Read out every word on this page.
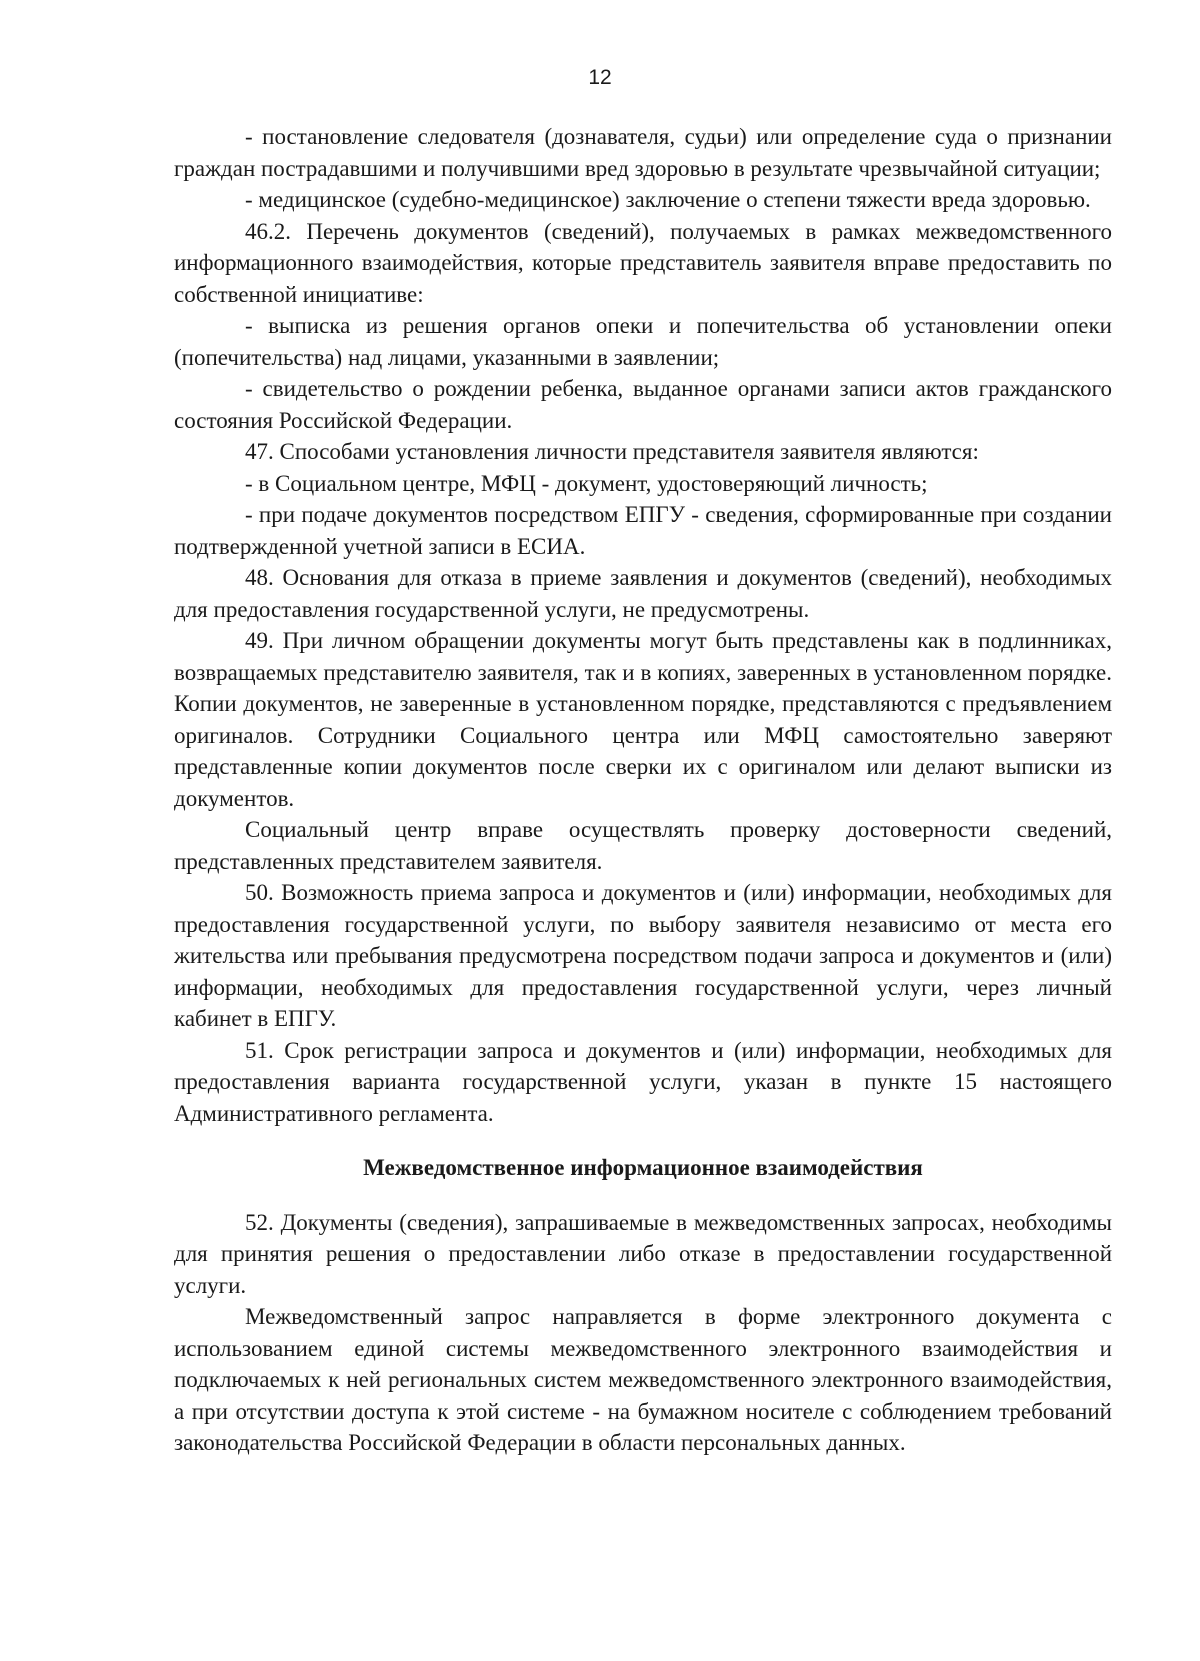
12

- постановление следователя (дознавателя, судьи) или определение суда о признании граждан пострадавшими и получившими вред здоровью в результате чрезвычайной ситуации;

- медицинское (судебно-медицинское) заключение о степени тяжести вреда здоровью.

46.2. Перечень документов (сведений), получаемых в рамках межведомственного информационного взаимодействия, которые представитель заявителя вправе предоставить по собственной инициативе:

- выписка из решения органов опеки и попечительства об установлении опеки (попечительства) над лицами, указанными в заявлении;

- свидетельство о рождении ребенка, выданное органами записи актов гражданского состояния Российской Федерации.

47. Способами установления личности представителя заявителя являются:

- в Социальном центре, МФЦ - документ, удостоверяющий личность;

- при подаче документов посредством ЕПГУ - сведения, сформированные при создании подтвержденной учетной записи в ЕСИА.

48. Основания для отказа в приеме заявления и документов (сведений), необходимых для предоставления государственной услуги, не предусмотрены.

49. При личном обращении документы могут быть представлены как в подлинниках, возвращаемых представителю заявителя, так и в копиях, заверенных в установленном порядке. Копии документов, не заверенные в установленном порядке, представляются с предъявлением оригиналов. Сотрудники Социального центра или МФЦ самостоятельно заверяют представленные копии документов после сверки их с оригиналом или делают выписки из документов.

Социальный центр вправе осуществлять проверку достоверности сведений, представленных представителем заявителя.

50. Возможность приема запроса и документов и (или) информации, необходимых для предоставления государственной услуги, по выбору заявителя независимо от места его жительства или пребывания предусмотрена посредством подачи запроса и документов и (или) информации, необходимых для предоставления государственной услуги, через личный кабинет в ЕПГУ.

51. Срок регистрации запроса и документов и (или) информации, необходимых для предоставления варианта государственной услуги, указан в пункте 15 настоящего Административного регламента.

Межведомственное информационное взаимодействия

52. Документы (сведения), запрашиваемые в межведомственных запросах, необходимы для принятия решения о предоставлении либо отказе в предоставлении государственной услуги.

Межведомственный запрос направляется в форме электронного документа с использованием единой системы межведомственного электронного взаимодействия и подключаемых к ней региональных систем межведомственного электронного взаимодействия, а при отсутствии доступа к этой системе - на бумажном носителе с соблюдением требований законодательства Российской Федерации в области персональных данных.
